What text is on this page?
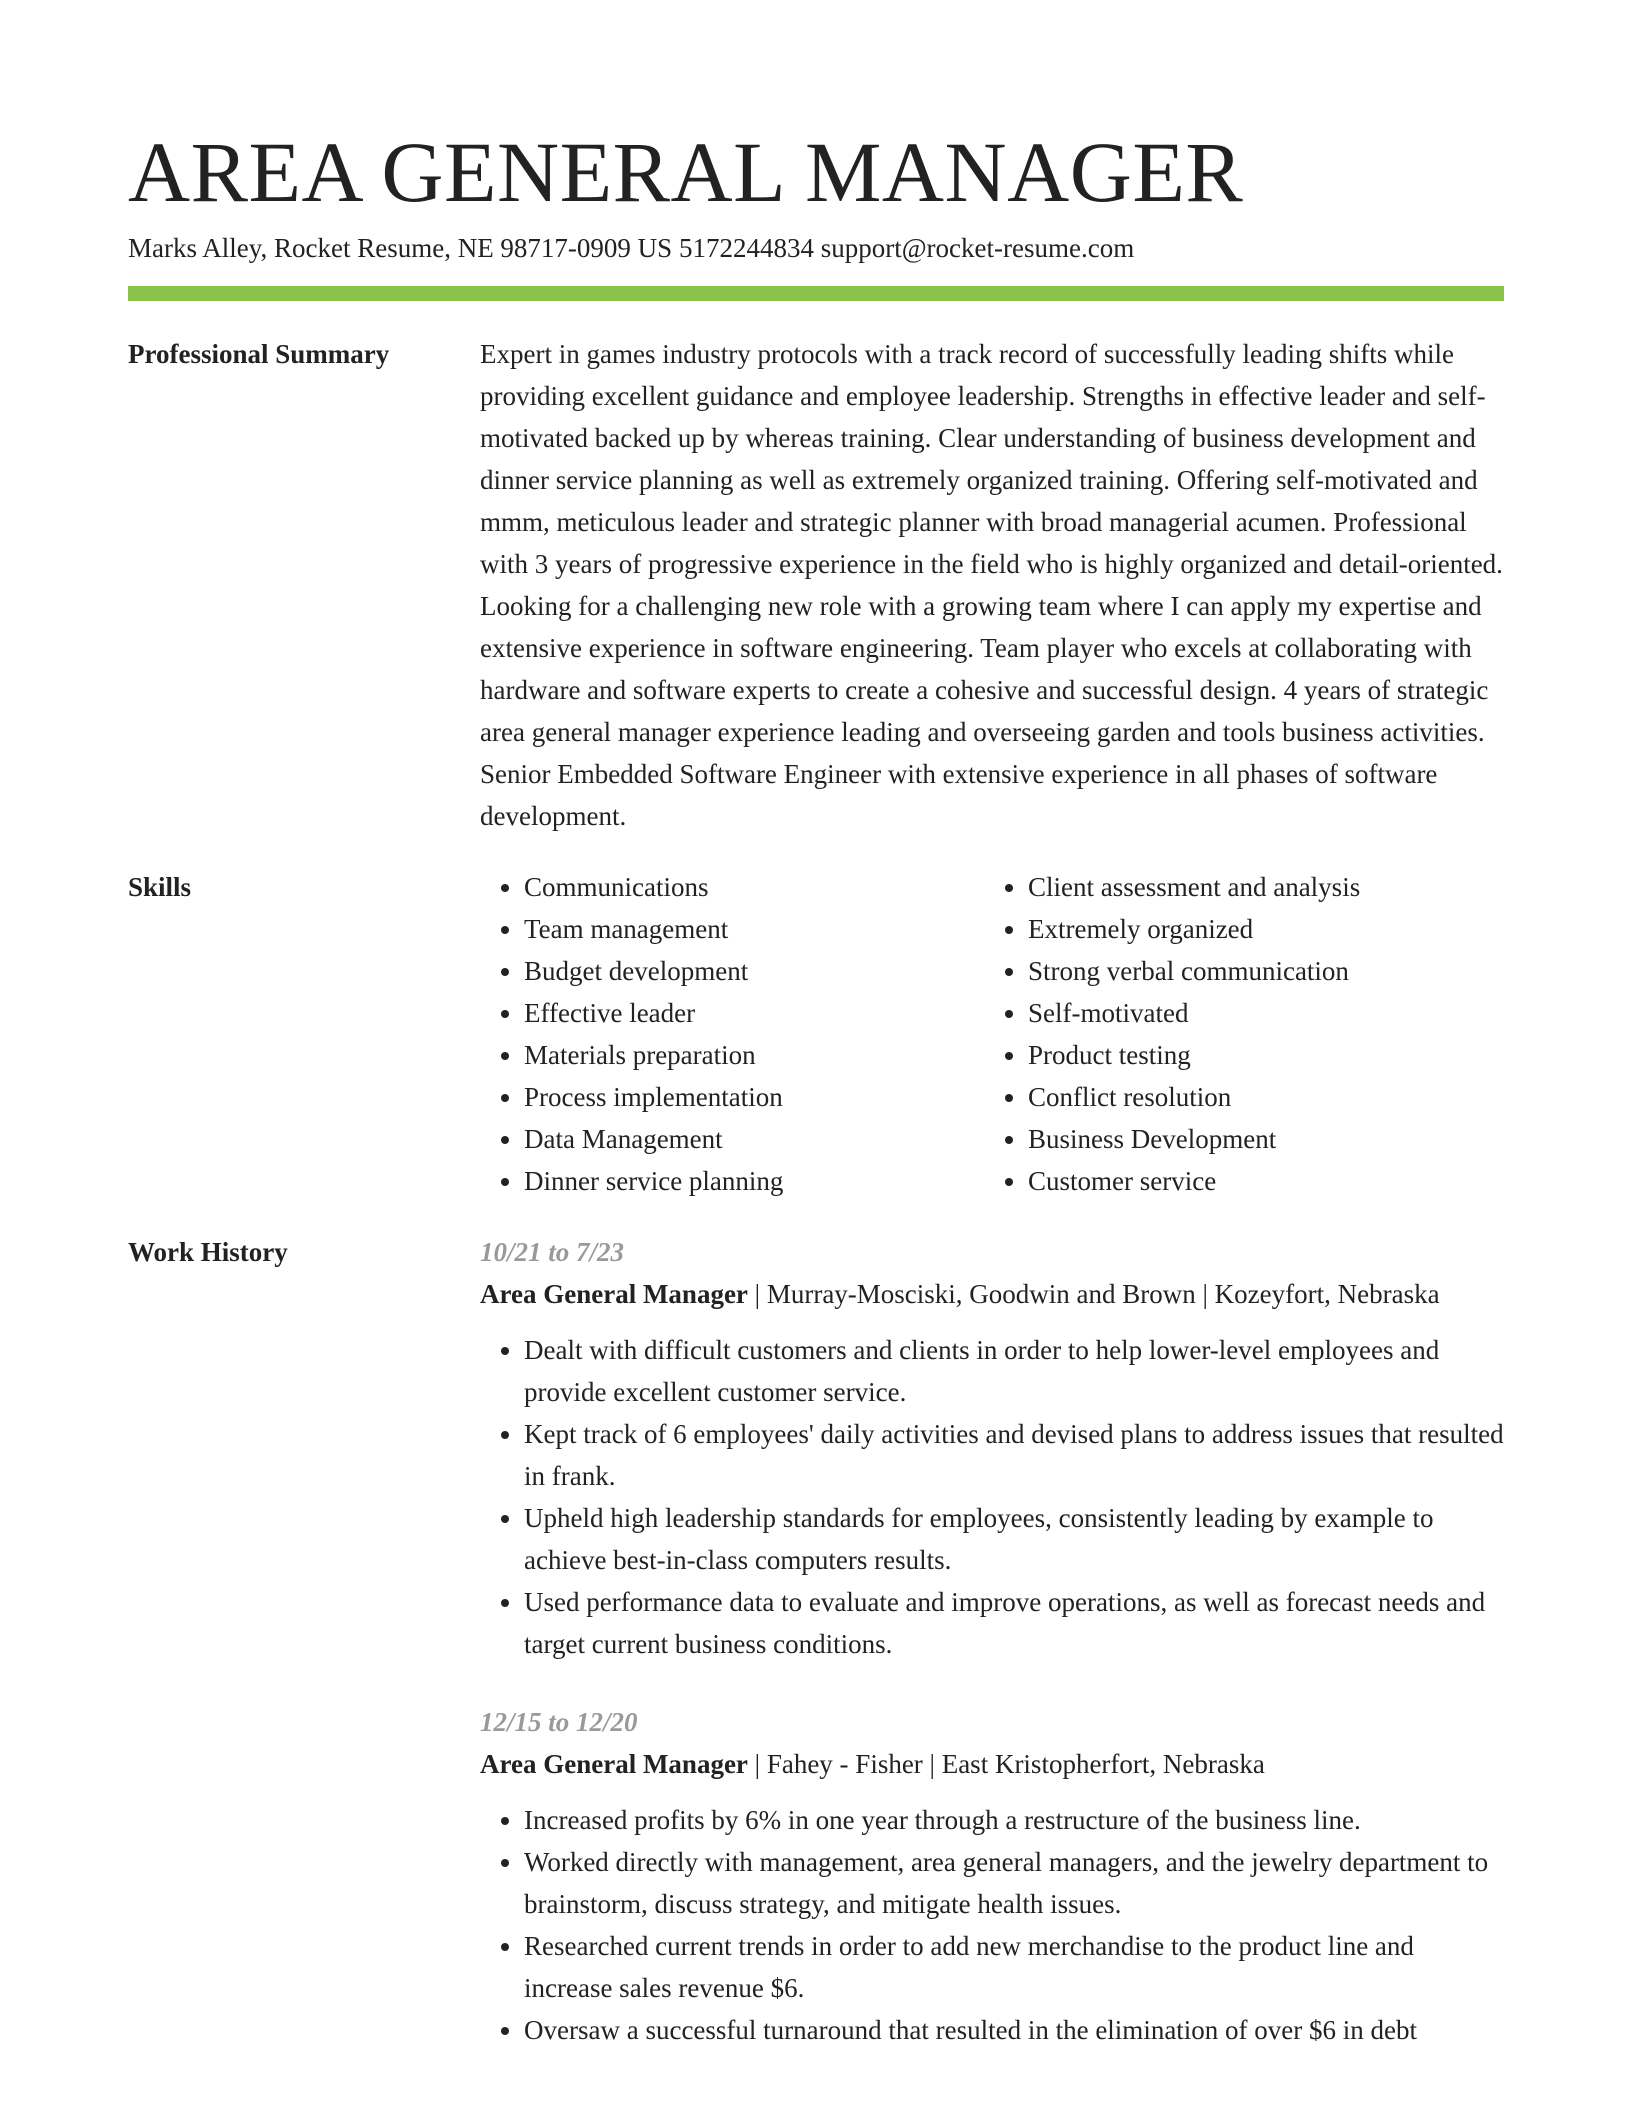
AREA GENERAL MANAGER
Marks Alley, Rocket Resume, NE 98717-0909 US 5172244834 support@rocket-resume.com
Professional Summary	Expert in games industry protocols with a track record of successfully leading shifts while providing excellent guidance and employee leadership. Strengths in effective leader and self-motivated backed up by whereas training. Clear understanding of business development and dinner service planning as well as extremely organized training. Offering self-motivated and mmm, meticulous leader and strategic planner with broad managerial acumen. Professional with 3 years of progressive experience in the field who is highly organized and detail-oriented. Looking for a challenging new role with a growing team where I can apply my expertise and extensive experience in software engineering. Team player who excels at collaborating with hardware and software experts to create a cohesive and successful design. 4 years of strategic area general manager experience leading and overseeing garden and tools business activities. Senior Embedded Software Engineer with extensive experience in all phases of software development.
Skills
•	Communications
• Team management
• Budget development
• Effective leader
• Materials preparation
• Process implementation
• Data Management
• Dinner service planning
• Client assessment and analysis
• Extremely organized
• Strong verbal communication
• Self-motivated
• Product testing
• Conflict resolution
• Business Development
• Customer service
Work History	10/21 to 7/23
Area General Manager | Murray-Mosciski, Goodwin and Brown | Kozeyfort, Nebraska
• Dealt with difficult customers and clients in order to help lower-level employees and provide excellent customer service.
• Kept track of 6 employees' daily activities and devised plans to address issues that resulted in frank.
• Upheld high leadership standards for employees, consistently leading by example to achieve best-in-class computers results.
• Used performance data to evaluate and improve operations, as well as forecast needs and target current business conditions.
12/15 to 12/20
Area General Manager | Fahey - Fisher | East Kristopherfort, Nebraska
• Increased profits by 6% in one year through a restructure of the business line.
• Worked directly with management, area general managers, and the jewelry department to brainstorm, discuss strategy, and mitigate health issues.
• Researched current trends in order to add new merchandise to the product line and increase sales revenue $6.
• Oversaw a successful turnaround that resulted in the elimination of over $6 in debt
